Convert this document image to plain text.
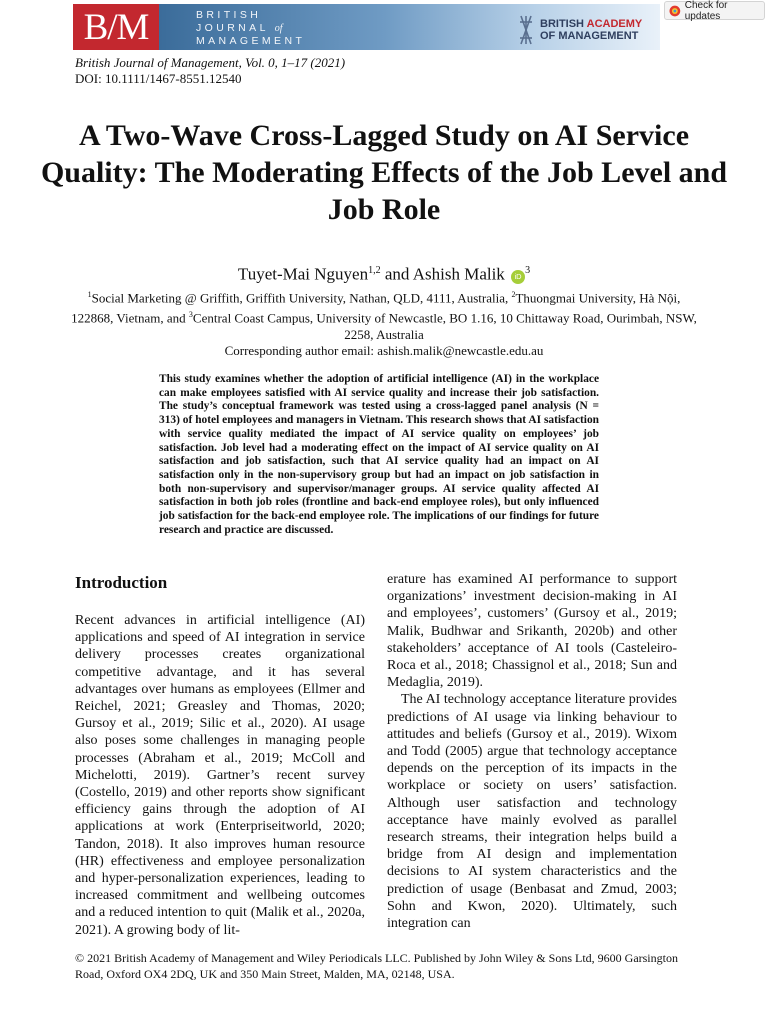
B/M	BRITISH
JOURNAL of
MANAGEMENT
BRITISH ACADEMY
OF MANAGEMENT
Check for updates
British Journal of Management, Vol. 0, 1–17 (2021)
DOI: 10.1111/1467-8551.12540
A Two-Wave Cross-Lagged Study on AI Service Quality: The Moderating Effects of the Job Level and Job Role
Tuyet-Mai Nguyen$^{1,2}$ and Ashish Malik $iD^3$
$^1$Social Marketing @ Griffith, Griffith University, Nathan, QLD, 4111, Australia, $^2$Thuongmai University, Hà Nội, 122868, Vietnam, and $^3$Central Coast Campus, University of Newcastle, BO 1.16, 10 Chittaway Road, Ourimbah, NSW, 2258, Australia
Corresponding author email: ashish.malik@newcastle.edu.au

This study examines whether the adoption of artificial intelligence (AI) in the workplace can make employees satisfied with AI service quality and increase their job satisfaction. The study’s conceptual framework was tested using a cross-lagged panel analysis (N = 313) of hotel employees and managers in Vietnam. This research shows that AI satisfaction with service quality mediated the impact of AI service quality on employees’ job satisfaction. Job level had a moderating effect on the impact of AI service quality on AI satisfaction and job satisfaction, such that AI service quality had an impact on AI satisfaction only in the non-supervisory group but had an impact on job satisfaction in both non-supervisory and supervisor/manager groups. AI service quality affected AI satisfaction in both job roles (frontline and back-end employee roles), but only influenced job satisfaction for the back-end employee role. The implications of our findings for future research and practice are discussed.

Introduction

Recent advances in artificial intelligence (AI) applications and speed of AI integration in service delivery processes creates organizational competitive advantage, and it has several advantages over humans as employees (Ellmer and Reichel, 2021; Greasley and Thomas, 2020; Gursoy et al., 2019; Silic et al., 2020). AI usage also poses some challenges in managing people processes (Abraham et al., 2019; McColl and Michelotti, 2019). Gartner’s recent survey (Costello, 2019) and other reports show significant efficiency gains through the adoption of AI applications at work (Enterpriseitworld, 2020; Tandon, 2018). It also improves human resource (HR) effectiveness and employee personalization and hyper-personalization experiences, leading to increased commitment and wellbeing outcomes and a reduced intention to quit (Malik et al., 2020a, 2021). A growing body of lit-

erature has examined AI performance to support organizations’ investment decision-making in AI and employees’, customers’ (Gursoy et al., 2019; Malik, Budhwar and Srikanth, 2020b) and other stakeholders’ acceptance of AI tools (Casteleiro-Roca et al., 2018; Chassignol et al., 2018; Sun and Medaglia, 2019).

The AI technology acceptance literature provides predictions of AI usage via linking behaviour to attitudes and beliefs (Gursoy et al., 2019). Wixom and Todd (2005) argue that technology acceptance depends on the perception of its impacts in the workplace or society on users’ satisfaction. Although user satisfaction and technology acceptance have mainly evolved as parallel research streams, their integration helps build a bridge from AI design and implementation decisions to AI system characteristics and the prediction of usage (Benbasat and Zmud, 2003; Sohn and Kwon, 2020). Ultimately, such integration can

© 2021 British Academy of Management and Wiley Periodicals LLC. Published by John Wiley & Sons Ltd, 9600 Garsington Road, Oxford OX4 2DQ, UK and 350 Main Street, Malden, MA, 02148, USA.
